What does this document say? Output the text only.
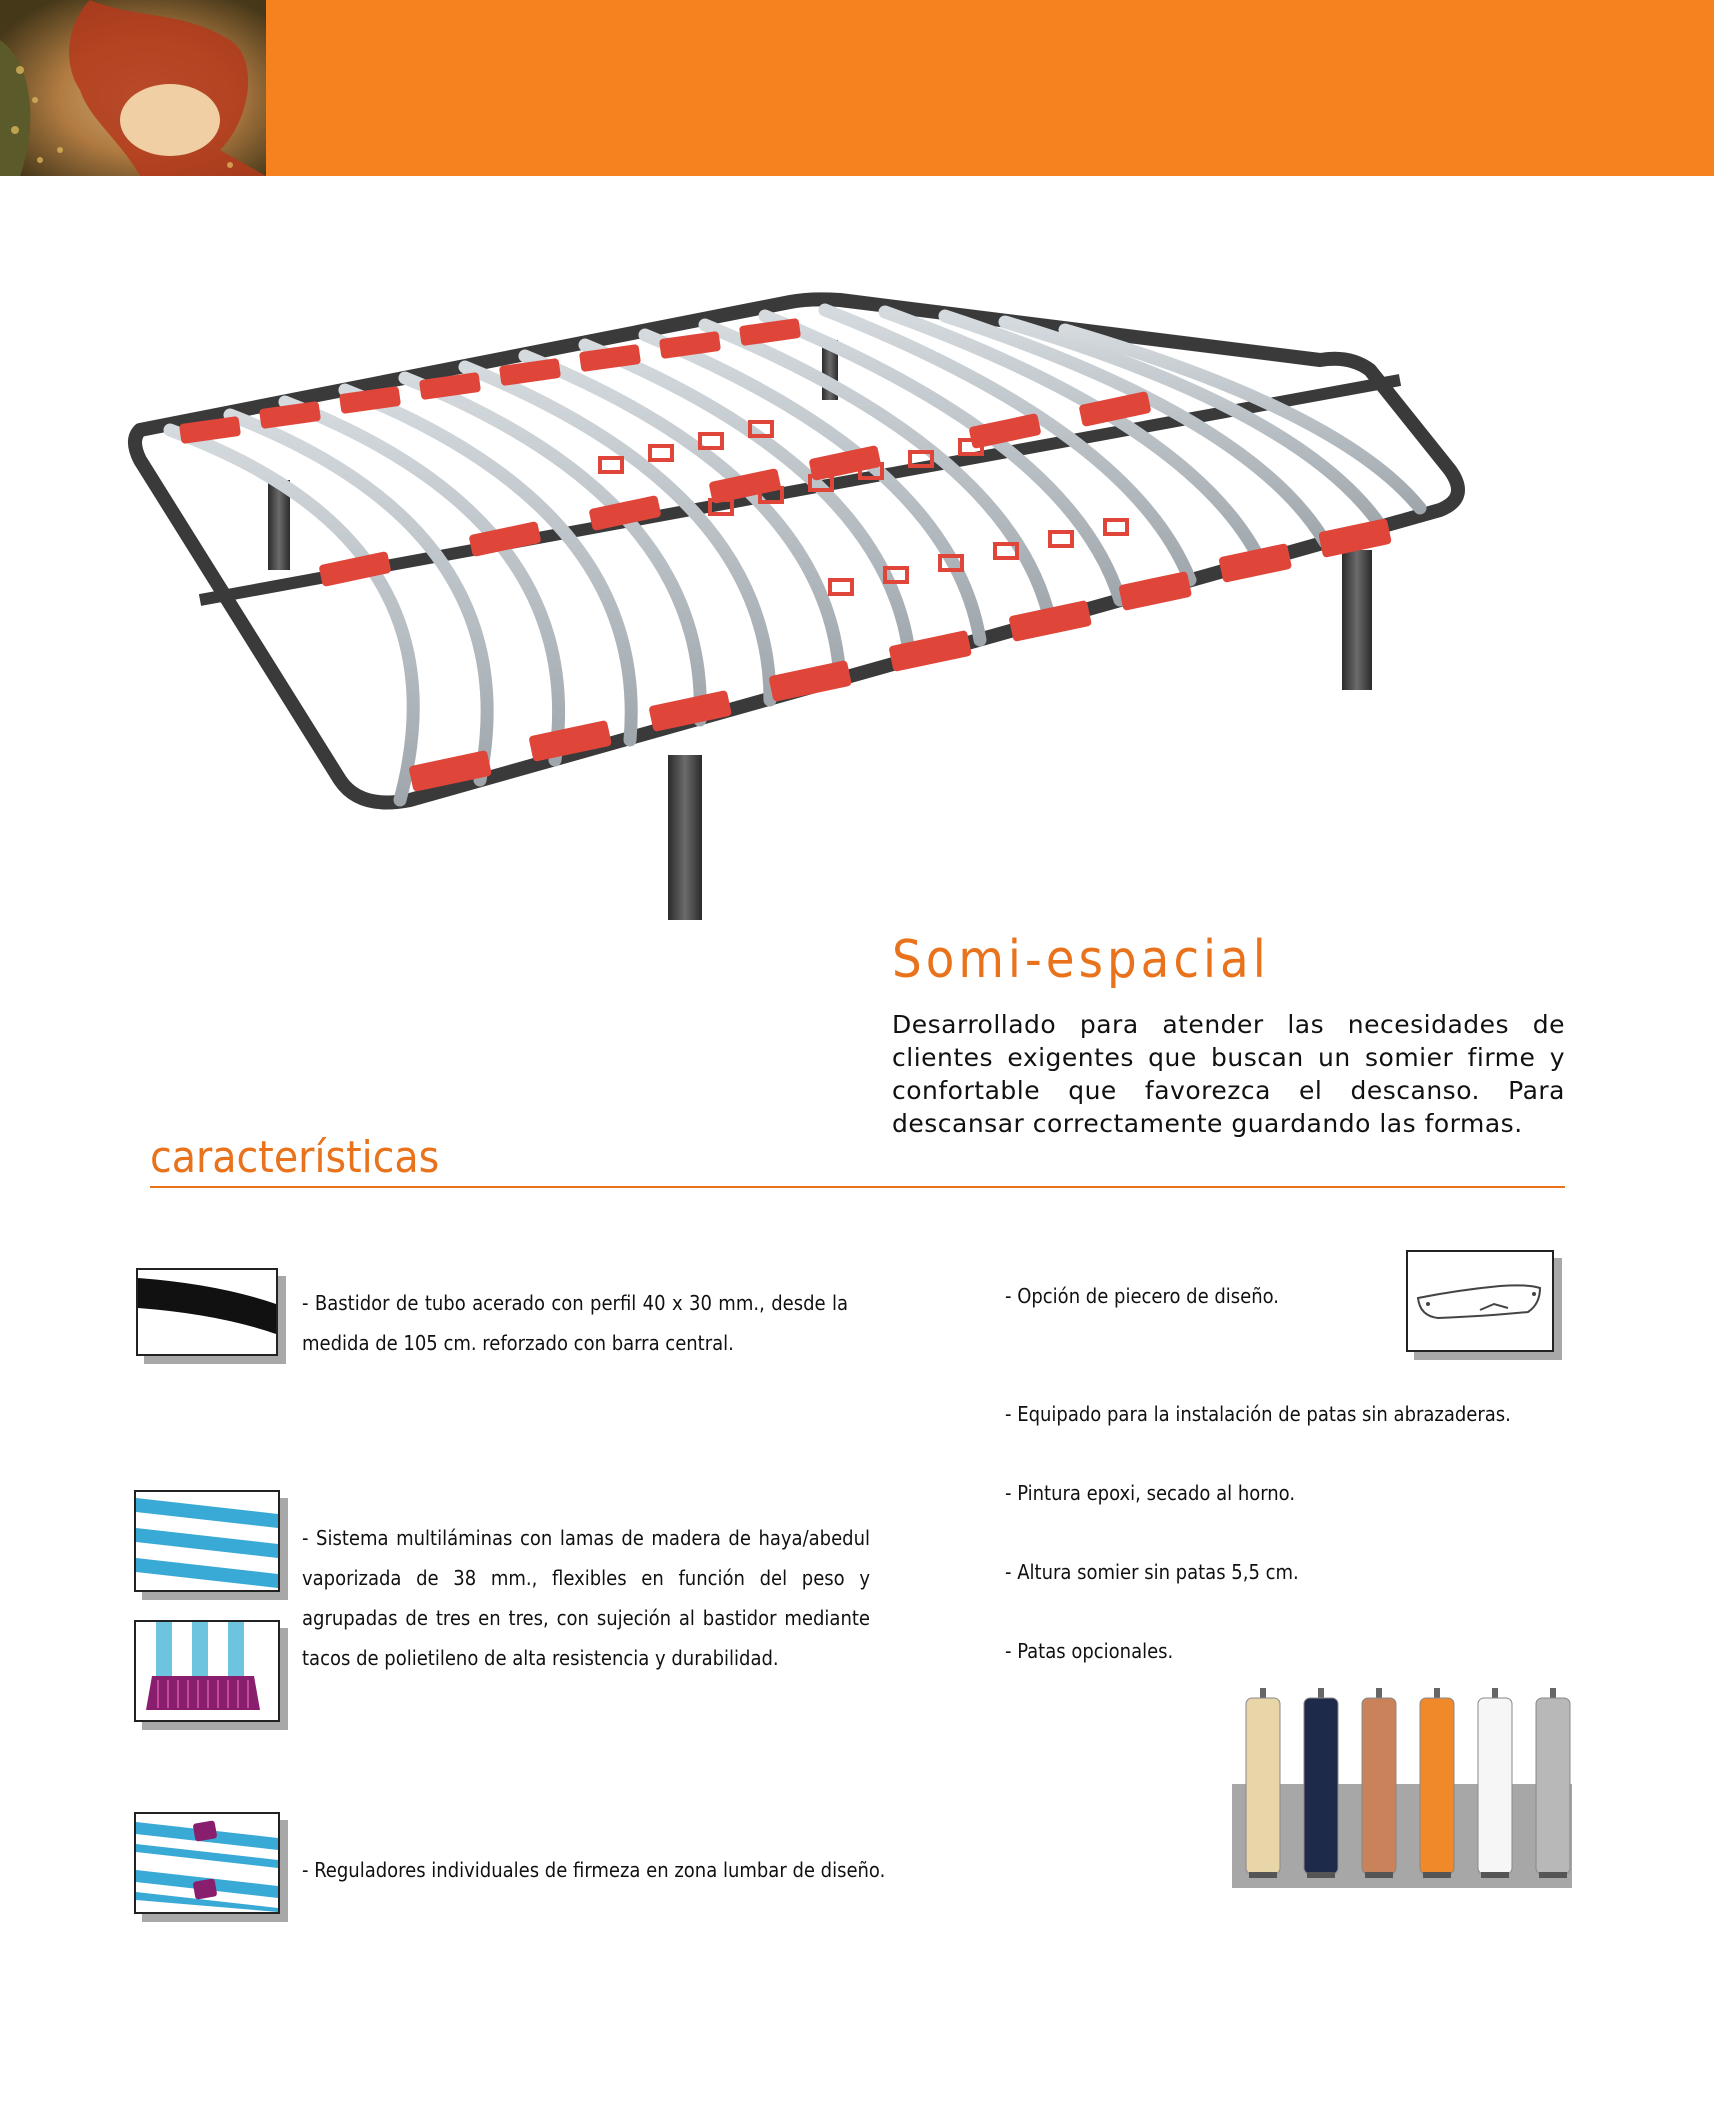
Somi-espacial
Desarrollado para atender las necesidades de clientes exigentes que buscan un somier firme y confortable que favorezca el descanso. Para descansar correctamente guardando las formas.
características
- Bastidor de tubo acerado con perfil 40 x 30 mm., desde la medida de 105 cm. reforzado con barra central.
- Sistema multiláminas con lamas de madera de haya/abedul vaporizada de 38 mm., flexibles en función del peso y agrupadas de tres en tres, con sujeción al bastidor mediante tacos de polietileno de alta resistencia y durabilidad.
- Reguladores individuales de firmeza en zona lumbar de diseño.
- Opción de piecero de diseño.
- Equipado para la instalación de patas sin abrazaderas.
- Pintura epoxi, secado al horno.
- Altura somier sin patas 5,5 cm.
- Patas opcionales.
